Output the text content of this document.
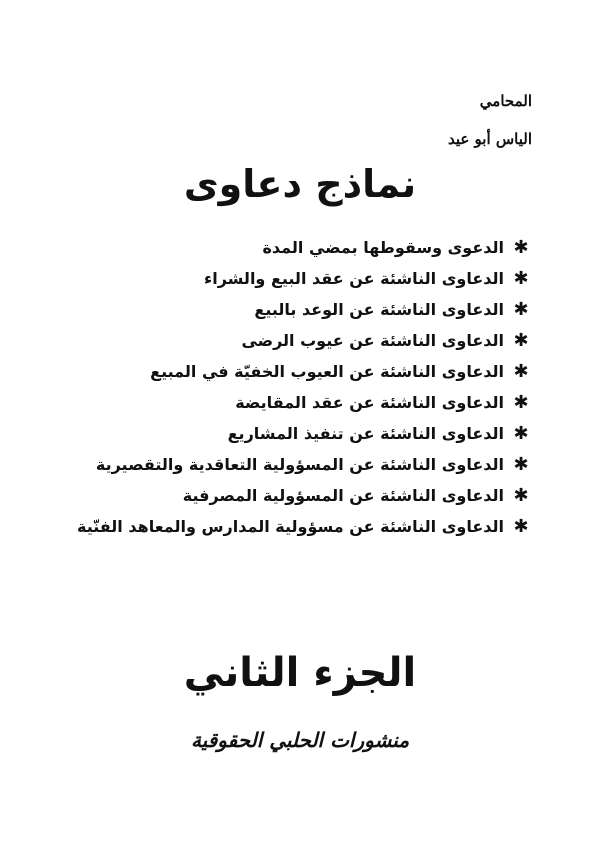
المحامي
الياس أبو عيد
نماذج دعاوى
✱
الدعوى وسقوطها بمضي المدة
✱
الدعاوى الناشئة عن عقد البيع والشراء
✱
الدعاوى الناشئة عن الوعد بالبيع
✱
الدعاوى الناشئة عن عيوب الرضى
✱
الدعاوى الناشئة عن العيوب الخفيّة في المبيع
✱
الدعاوى الناشئة عن عقد المقايضة
✱
الدعاوى الناشئة عن تنفيذ المشاريع
✱
الدعاوى الناشئة عن المسؤولية التعاقدية والتقصيرية
✱
الدعاوى الناشئة عن المسؤولية المصرفية
✱
الدعاوى الناشئة عن مسؤولية المدارس والمعاهد الفنّية
الجزء الثاني
منشورات الحلبي الحقوقية
